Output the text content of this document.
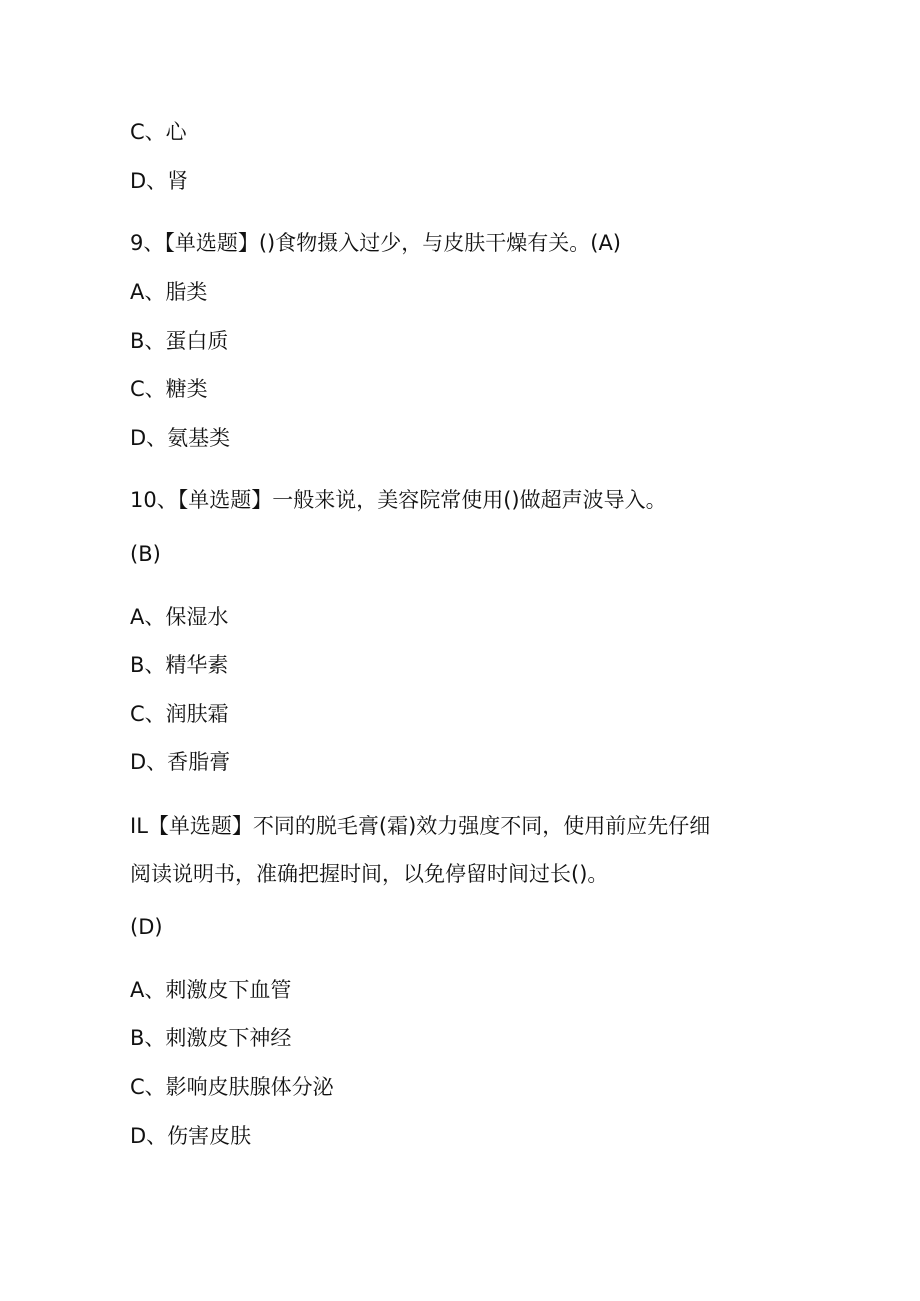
C、心

D、肾

9、【单选题】()食物摄入过少，与皮肤干燥有关。(A)

A、脂类

B、蛋白质

C、糖类

D、氨基类

10、【单选题】一般来说，美容院常使用()做超声波导入。

(B)

A、保湿水

B、精华素

C、润肤霜

D、香脂膏

IL【单选题】不同的脱毛膏(霜)效力强度不同，使用前应先仔细

阅读说明书，准确把握时间，以免停留时间过长()。

(D)

A、刺激皮下血管

B、刺激皮下神经

C、影响皮肤腺体分泌

D、伤害皮肤
